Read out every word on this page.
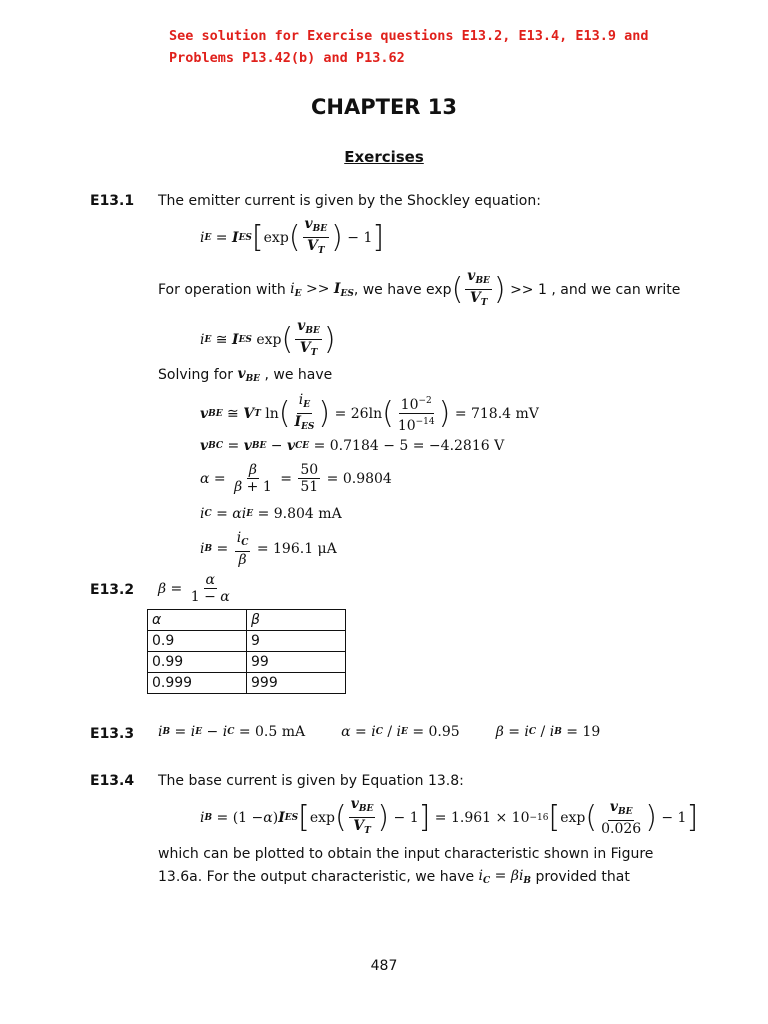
See solution for Exercise questions E13.2, E13.4, E13.9 and
Problems P13.42(b) and P13.62
CHAPTER 13
Exercises
E13.1 The emitter current is given by the Shockley equation:
i E = I ES [ exp ( $\frac{v_{BE}}{V_T}$ ) − 1 ]
For operation with
$i_E >> I_{ES}$ , we have exp ( $\frac{v_{BE}}{V_T}$ )
>> 1 , and we can write
i E ≅ I ES exp ( $\frac{v_{BE}}{V_T}$ )
Solving for
$v_{BE}$
, we have
v BE ≅ V T ln ( $\frac{i_E}{I_{ES}}$ ) = 26ln ( $\frac{10^{-2}}{10^{-14}}$ )
= 718.4 mV
v BC = v BE − v CE
= 0.7184 − 5 = −4.2816 V
$\alpha = \frac{\beta}{\beta + 1} = \frac{50}{51}$
= 0.9804
i C = α i E
= 9.804 mA
i $B = \frac{i_C}{\beta}$
= 196.1 μA
E13.2 $\beta = \frac{\alpha}{1 - \alpha}$
α	β
0.9	9
0.99	99
0.999	999
E13.3 i B = i E − i C
= 0.5 mA	α = i C / i E
= 0.95	β = i C / i B
= 19
E13.4 The base current is given by Equation 13.8:
i B = (1 − α ) I ES [ exp ( $\frac{v_{BE}}{V_T}$ ) − 1 ]
= 1.961 × 10 −16 [ exp ( $\frac{v_{BE}}{0.026}$ ) − 1 ]
which can be plotted to obtain the input characteristic shown in Figure
13.6a. For the output characteristic, we have
$i_C = \beta i_B$
provided that
487
